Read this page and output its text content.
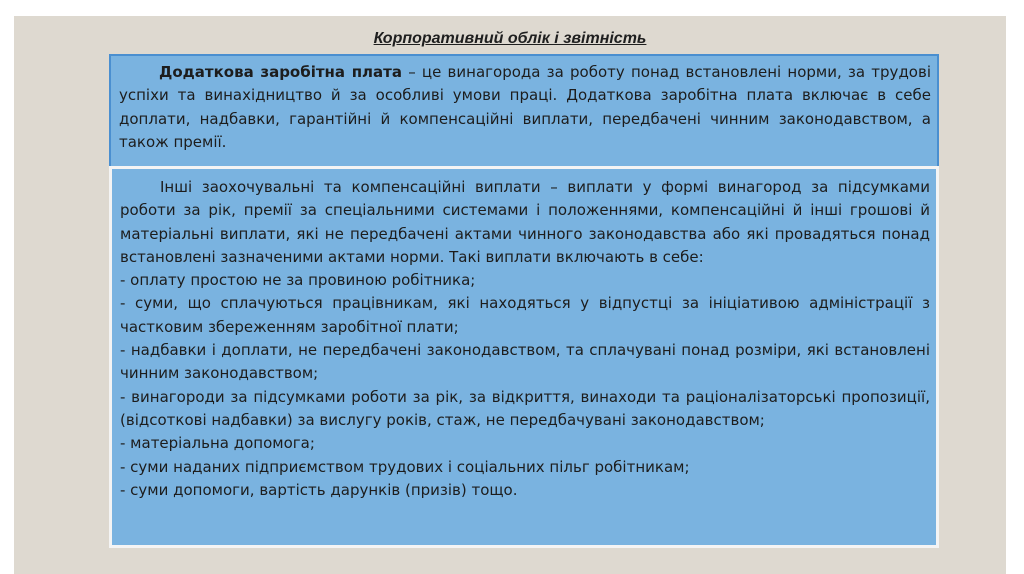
Корпоративний облік і звітність

Додаткова заробітна плата – це винагорода за роботу понад встановлені норми, за трудові успіхи та винахідництво й за особливі умови праці. Додаткова заробітна плата включає в себе доплати, надбавки, гарантійні й компенсаційні виплати, передбачені чинним законодавством, а також премії.

Інші заохочувальні та компенсаційні виплати – виплати у формі винагород за підсумками роботи за рік, премії за спеціальними системами і положеннями, компенсаційні й інші грошові й матеріальні виплати, які не передбачені актами чинного законодавства або які провадяться понад встановлені зазначеними актами норми. Такі виплати включають в себе:

- оплату простою не за провиною робітника;

- суми, що сплачуються працівникам, які находяться у відпустці за ініціативою адміністрації з частковим збереженням заробітної плати;

- надбавки і доплати, не передбачені законодавством, та сплачувані понад розміри, які встановлені чинним законодавством;

- винагороди за підсумками роботи за рік, за відкриття, винаходи та раціоналізаторські пропозиції, (відсоткові надбавки) за вислугу років, стаж, не передбачувані законодавством;

- матеріальна допомога;

- суми наданих підприємством трудових і соціальних пільг робітникам;

- суми допомоги, вартість дарунків (призів) тощо.
